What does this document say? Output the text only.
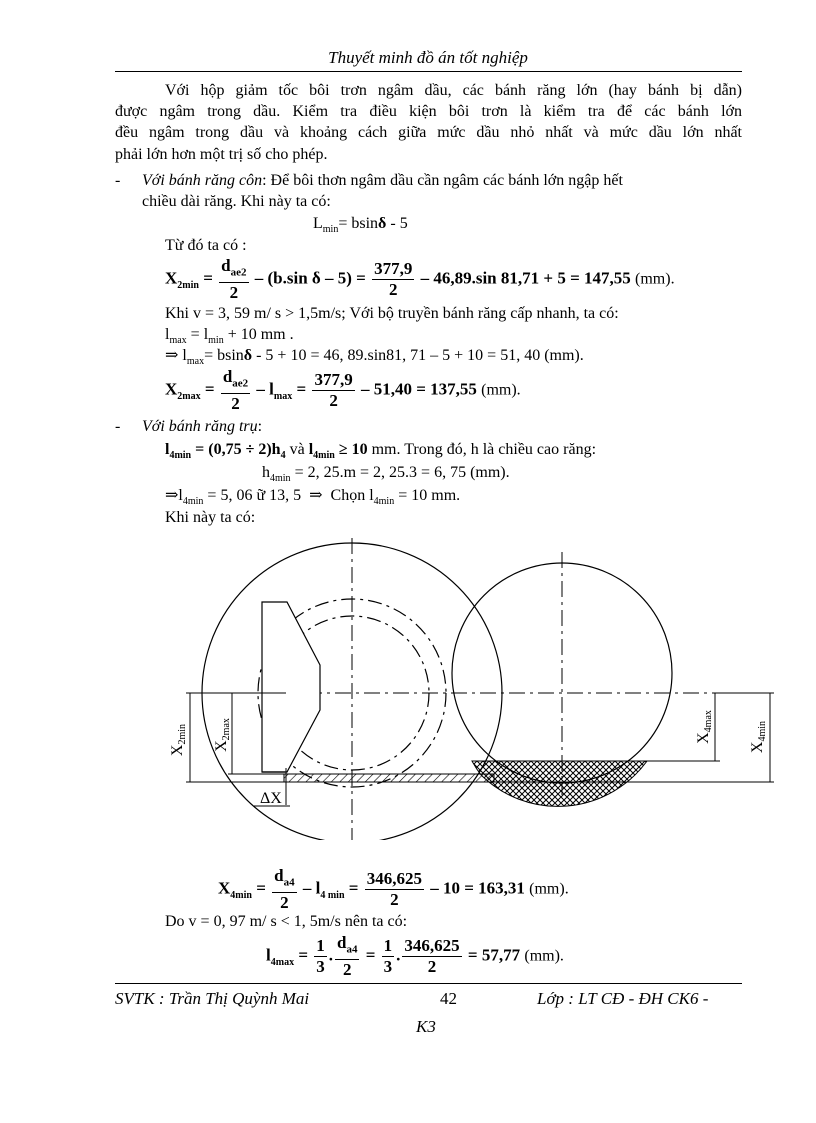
Thuyết minh đồ án tốt nghiệp
Với hộp giảm tốc bôi trơn ngâm dầu, các bánh răng lớn (hay bánh bị dẫn)
được ngâm trong dầu. Kiểm tra điều kiện bôi trơn là kiểm tra để các bánh lớn
đều ngâm trong dầu và khoảng cách giữa mức dầu nhỏ nhất và mức dầu lớn nhất
phải lớn hơn một trị số cho phép.
- Với bánh răng côn: Để bôi thơn ngâm dầu cần ngâm các bánh lớn ngập hết
chiều dài răng. Khi này ta có:
$L_{min}= bsin\delta - 5$
Từ đó ta có :
$X_{2min} = \frac{d_{ae2}}{2} - (b.\sin$ $\delta - 5) = \frac{377,9}{2} - 46,89.\sin$ 81,71 + 5 = 147,55 (mm).
Khi v = 3, 59 m/ s > 1,5m/s; Với bộ truyền bánh răng cấp nhanh, ta có:
$l_{max} = l_{min} + 10$ mm .
⇒ $l_{max}= bsin\delta - 5 + 10 = 46$, 89.sin81, 71 – 5 + 10 = 51, 40 (mm).
$X_{2max} = \frac{d_{ae2}}{2} - l_{max} = \frac{377,9}{2} - 51,40 = 137,55$ (mm).
- Với bánh răng trụ:
$l_{4min} = (0,75 \div 2)h_4$ và $l_{4min} \ge 10$ mm. Trong đó, h là chiều cao răng:
$h_{4min} = 2$, 25.m = 2, 25.3 = 6, 75 (mm).
$\Rightarrow l_{4min} = 5$, 06 ữ 13, 5 ⇒ Chọn $l_{4min} = 10$ mm.
Khi này ta có:
X2min
X2max	X4max
X4min
ΔX
$X_{4min} = \frac{d_{a4}}{2} - l_{4 min} = \frac{346,625}{2} - 10 = 163,31$ (mm).
Do v = 0, 97 m/ s < 1, 5m/s nên ta có:
$l_{4max} = \frac{1}{3}$ . $\frac{d_{a4}}{2} = \frac{1}{3}$ . $\frac{346,625}{2} = 57,77$ (mm).
SVTK : Trần Thị Quỳnh Mai	42	Lớp : LT CĐ - ĐH CK6 -
K3
